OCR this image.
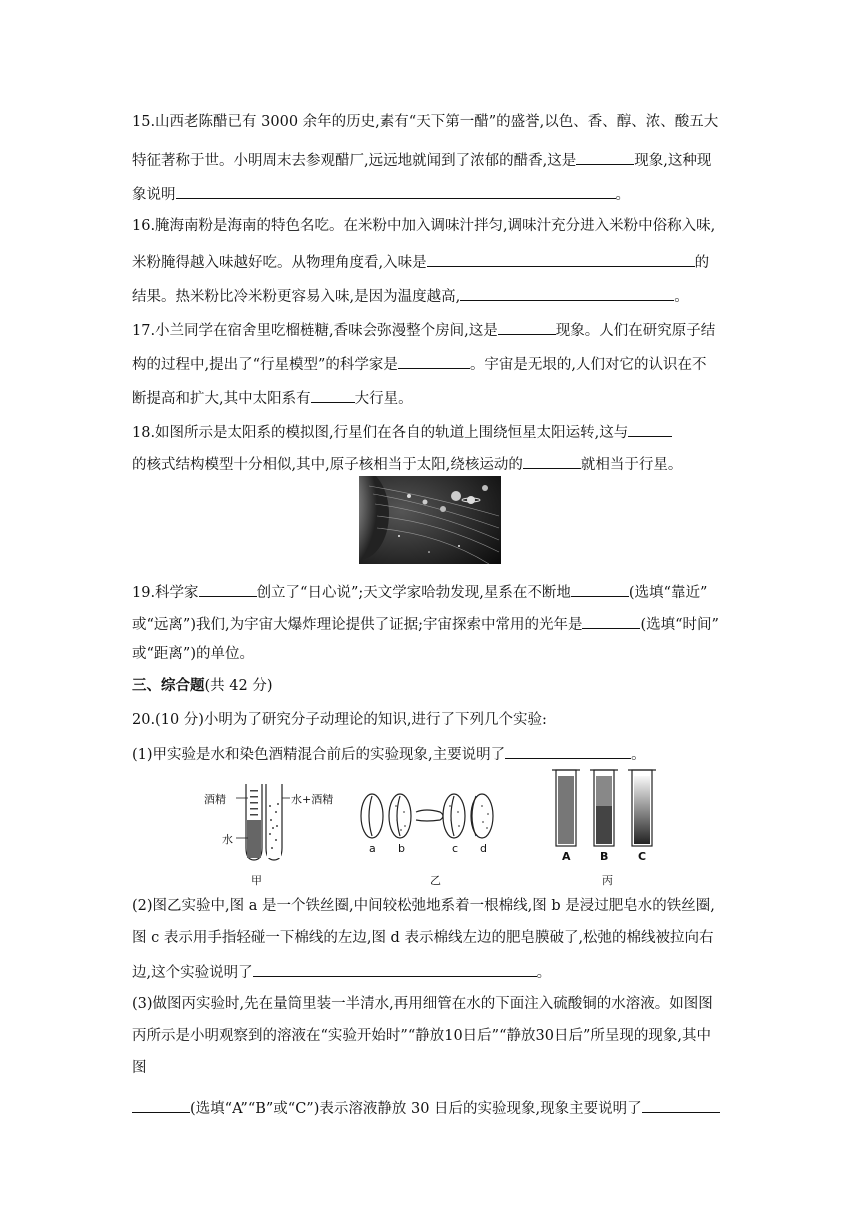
15.山西老陈醋已有 3000 余年的历史,素有“天下第一醋”的盛誉,以色、香、醇、浓、酸五大
特征著称于世。小明周末去参观醋厂,远远地就闻到了浓郁的醋香,这是	现象,这种现
象说明	。
16.腌海南粉是海南的特色名吃。在米粉中加入调味汁拌匀,调味汁充分进入米粉中俗称入味,
米粉腌得越入味越好吃。从物理角度看,入味是	的
结果。热米粉比冷米粉更容易入味,是因为温度越高,	。
17.小兰同学在宿舍里吃榴梿糖,香味会弥漫整个房间,这是	现象。人们在研究原子结
构的过程中,提出了“行星模型”的科学家是	。宇宙是无垠的,人们对它的认识在不
断提高和扩大,其中太阳系有	大行星。
18.如图所示是太阳系的模拟图,行星们在各自的轨道上围绕恒星太阳运转,这与
的核式结构模型十分相似,其中,原子核相当于太阳,绕核运动的	就相当于行星。
19.科学家	创立了“日心说”;天文学家哈勃发现,星系在不断地	(选填“靠近”
或“远离”)我们,为宇宙大爆炸理论提供了证据;宇宙探索中常用的光年是	(选填“时间”
或“距离”)的单位。
三、综合题(共 42 分)
20.(10 分)小明为了研究分子动理论的知识,进行了下列几个实验:
(1)甲实验是水和染色酒精混合前后的实验现象,主要说明了	。
酒精
水
水+酒精
甲
a b	c d
乙
A	B	C
丙
(2)图乙实验中,图 a 是一个铁丝圈,中间较松弛地系着一根棉线,图 b 是浸过肥皂水的铁丝圈,
图 c 表示用手指轻碰一下棉线的左边,图 d 表示棉线左边的肥皂膜破了,松弛的棉线被拉向右
边,这个实验说明了	。
(3)做图丙实验时,先在量筒里装一半清水,再用细管在水的下面注入硫酸铜的水溶液。如图图
丙所示是小明观察到的溶液在“实验开始时”“静放10日后”“静放30日后”所呈现的现象,其中
图
(选填“A”“B”或“C”)表示溶液静放 30 日后的实验现象,现象主要说明了
